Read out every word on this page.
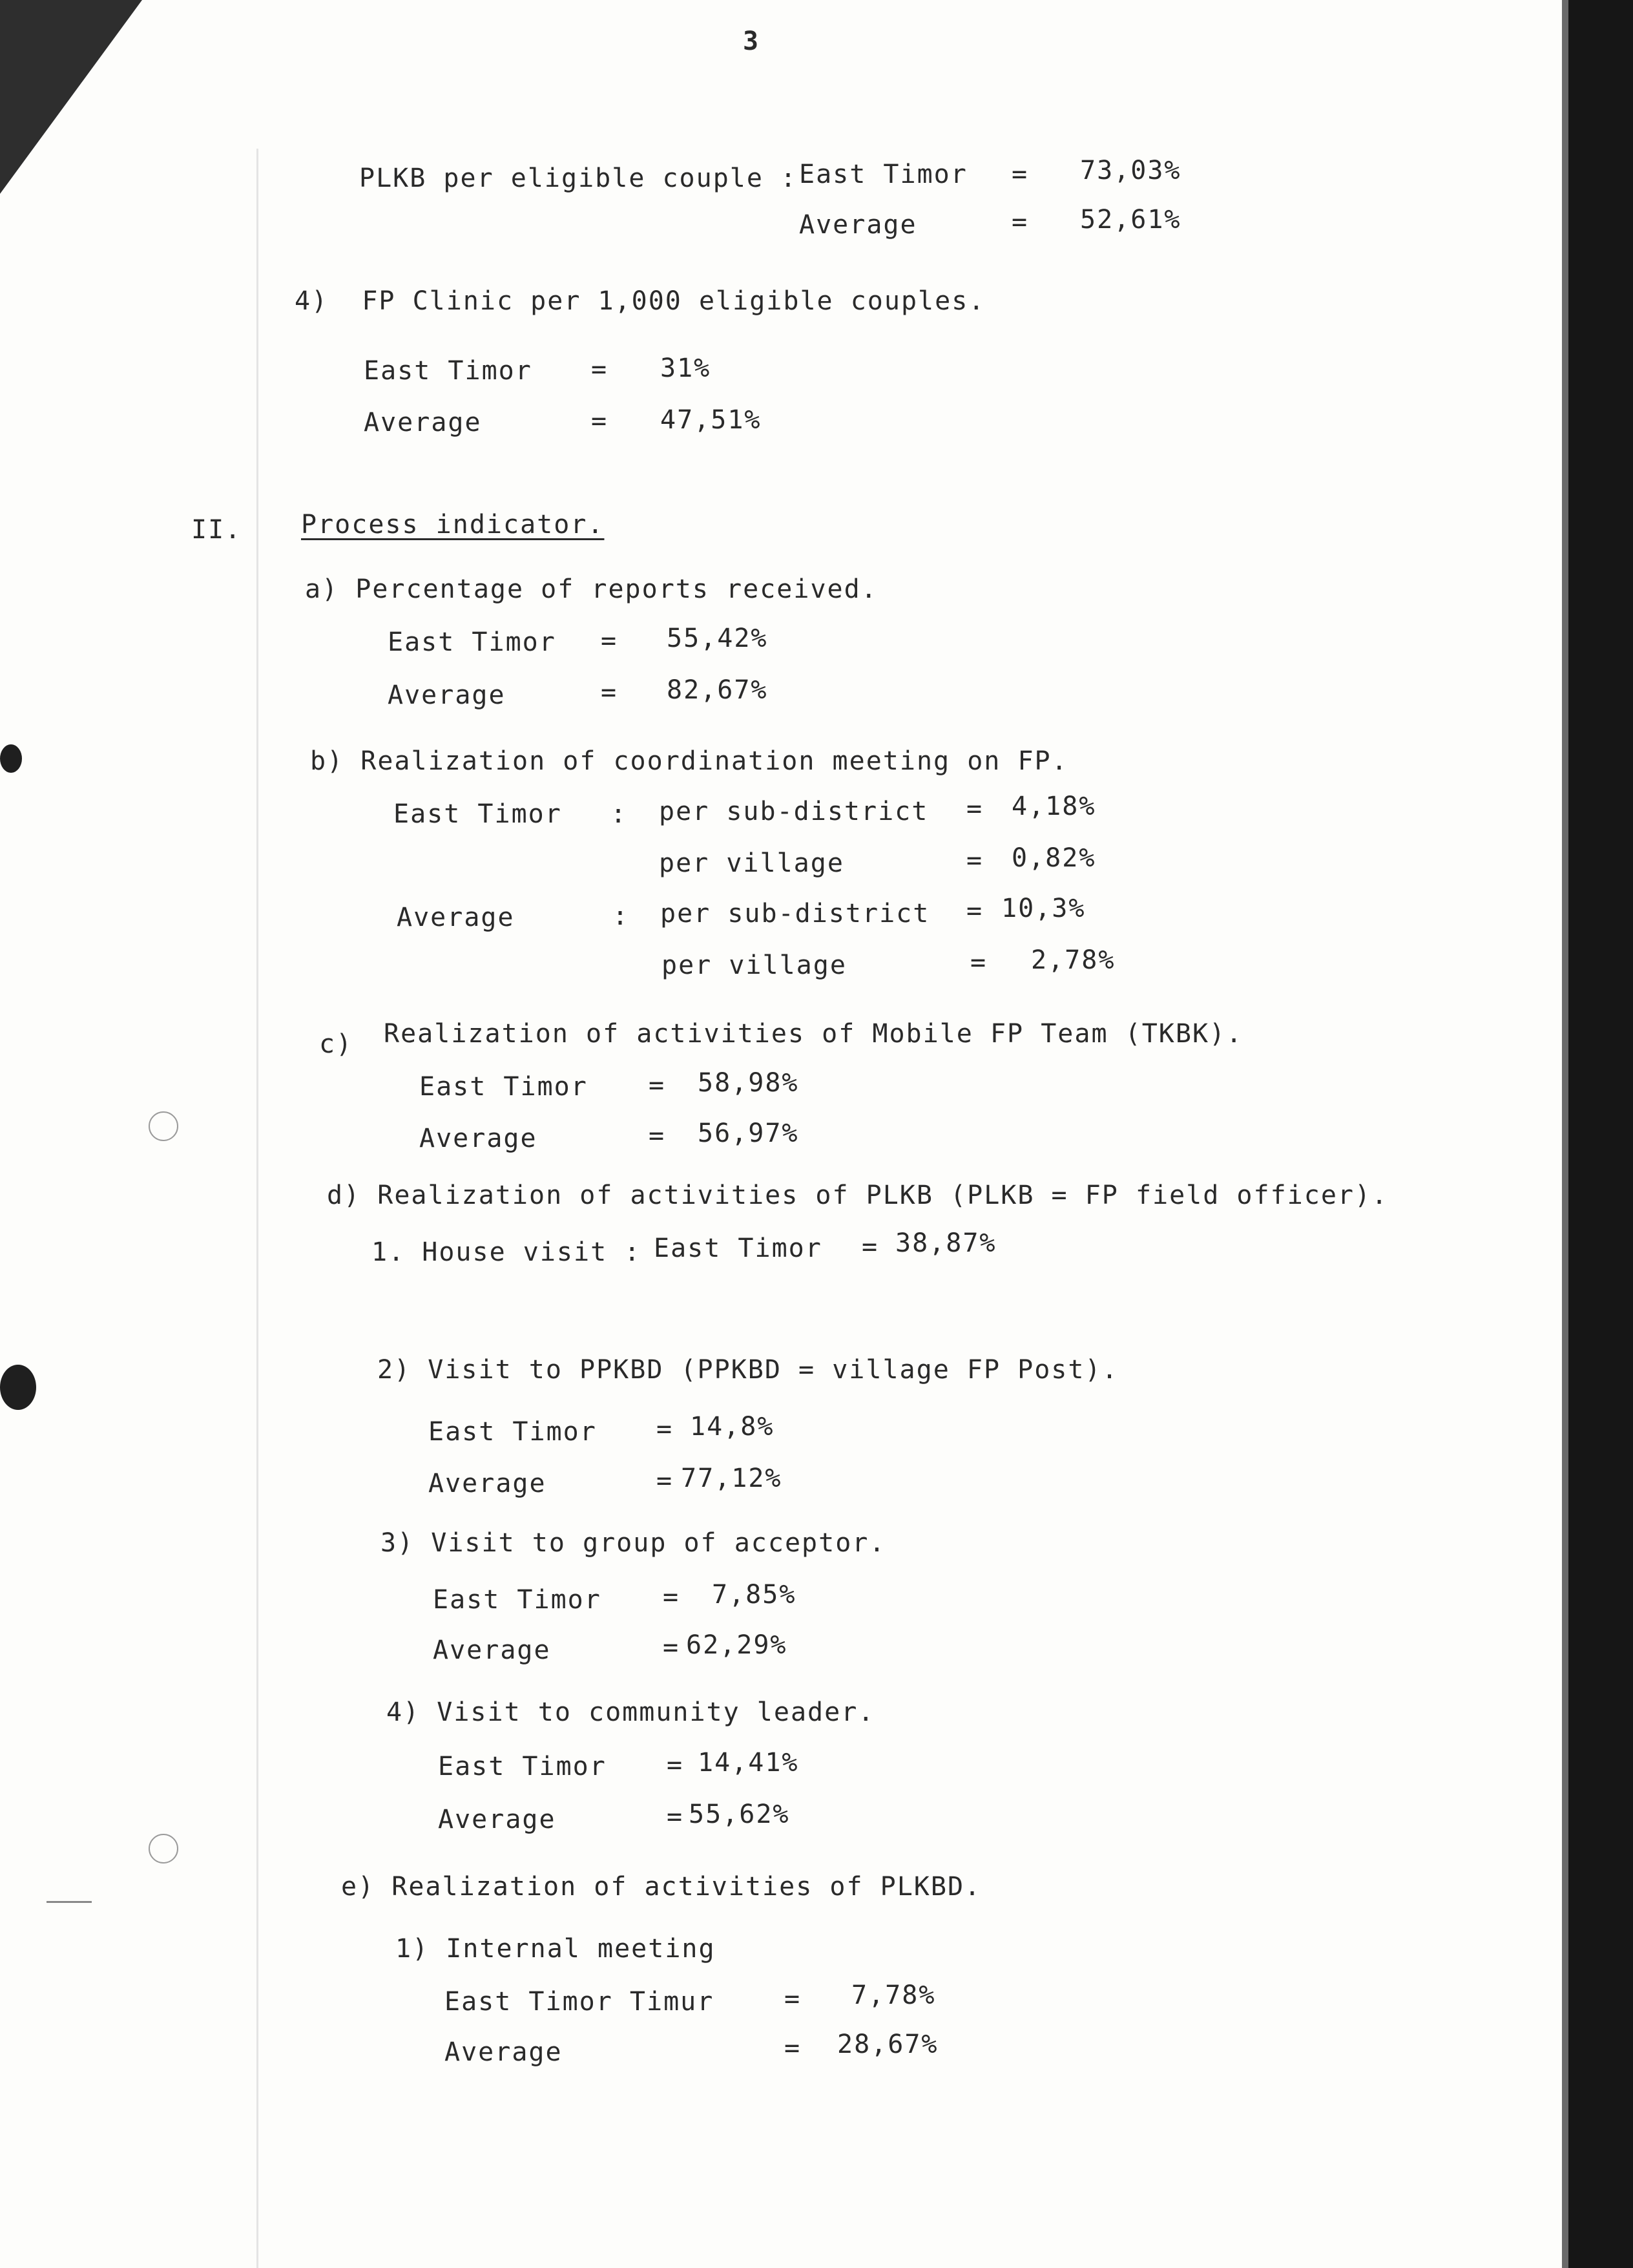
3
PLKB per eligible couple : East Timor = 73,03%
Average	= 52,61%
4)  FP Clinic per 1,000 eligible couples.
East Timor = 31%
Average	= 47,51%
II. Process indicator.
a) Percentage of reports received.
East Timor = 55,42%
Average	= 82,67%
b) Realization of coordination meeting on FP.
East Timor : per sub-district = 4,18%
per village	= 0,82%
Average	: per sub-district = 10,3%
per village	= 2,78%
c) Realization of activities of Mobile FP Team (TKBK).
East Timor = 58,98%
Average	= 56,97%
d) Realization of activities of PLKB (PLKB = FP field officer).
1. House visit : East Timor = 38,87%
2) Visit to PPKBD (PPKBD = village FP Post).
East Timor = 14,8%
Average	= 77,12%
3) Visit to group of acceptor.
East Timor = 7,85%
Average	= 62,29%
4) Visit to community leader.
East Timor = 14,41%
Average	= 55,62%
e) Realization of activities of PLKBD.
1) Internal meeting
East Timor Timur	= 7,78%
Average	= 28,67%
